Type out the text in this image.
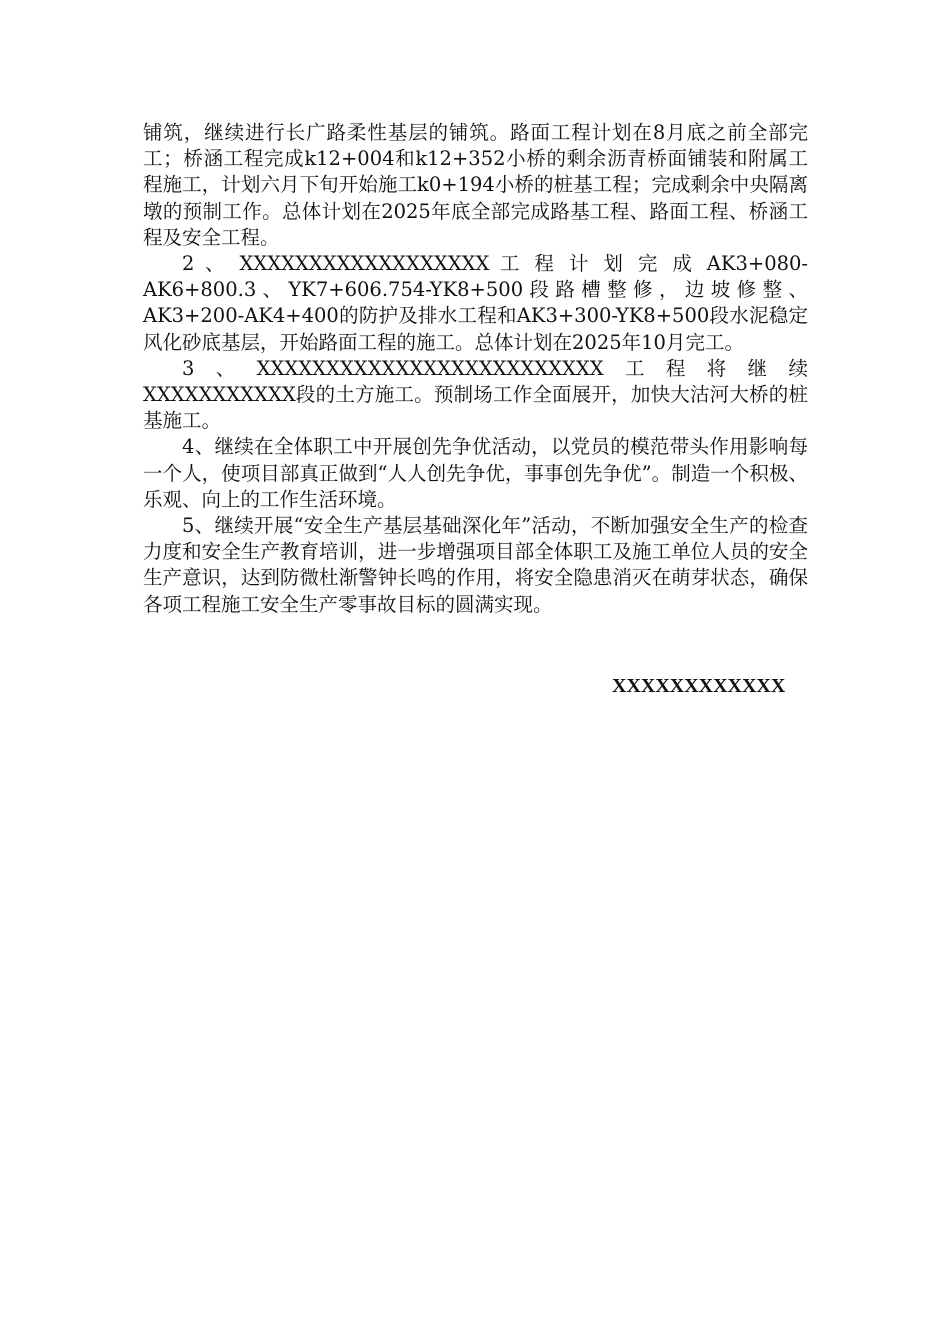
铺筑，继续进行长广路柔性基层的铺筑。路面工程计划在8月底之前全部完工；桥涵工程完成k12+004和k12+352小桥的剩余沥青桥面铺装和附属工程施工，计划六月下旬开始施工k0+194小桥的桩基工程；完成剩余中央隔离墩的预制工作。总体计划在2025年底全部完成路基工程、路面工程、桥涵工程及安全工程。

2 、 XXXXXXXXXXXXXXXXXX 工 程 计 划 完 成 AK3+080-AK6+800.3 、 YK7+606.754-YK8+500 段 路 槽 整 修 ， 边 坡 修 整 、AK3+200-AK4+400的防护及排水工程和AK3+300-YK8+500段水泥稳定风化砂底基层，开始路面工程的施工。总体计划在2025年10月完工。

3、XXXXXXXXXXXXXXXXXXXXXXXXX工程将继续XXXXXXXXXXX段的土方施工。预制场工作全面展开，加快大沽河大桥的桩基施工。

4、继续在全体职工中开展创先争优活动，以党员的模范带头作用影响每一个人，使项目部真正做到“人人创先争优，事事创先争优”。制造一个积极、乐观、向上的工作生活环境。

5、继续开展“安全生产基层基础深化年”活动，不断加强安全生产的检查力度和安全生产教育培训，进一步增强项目部全体职工及施工单位人员的安全生产意识，达到防微杜渐警钟长鸣的作用，将安全隐患消灭在萌芽状态，确保各项工程施工安全生产零事故目标的圆满实现。

XXXXXXXXXXXX
